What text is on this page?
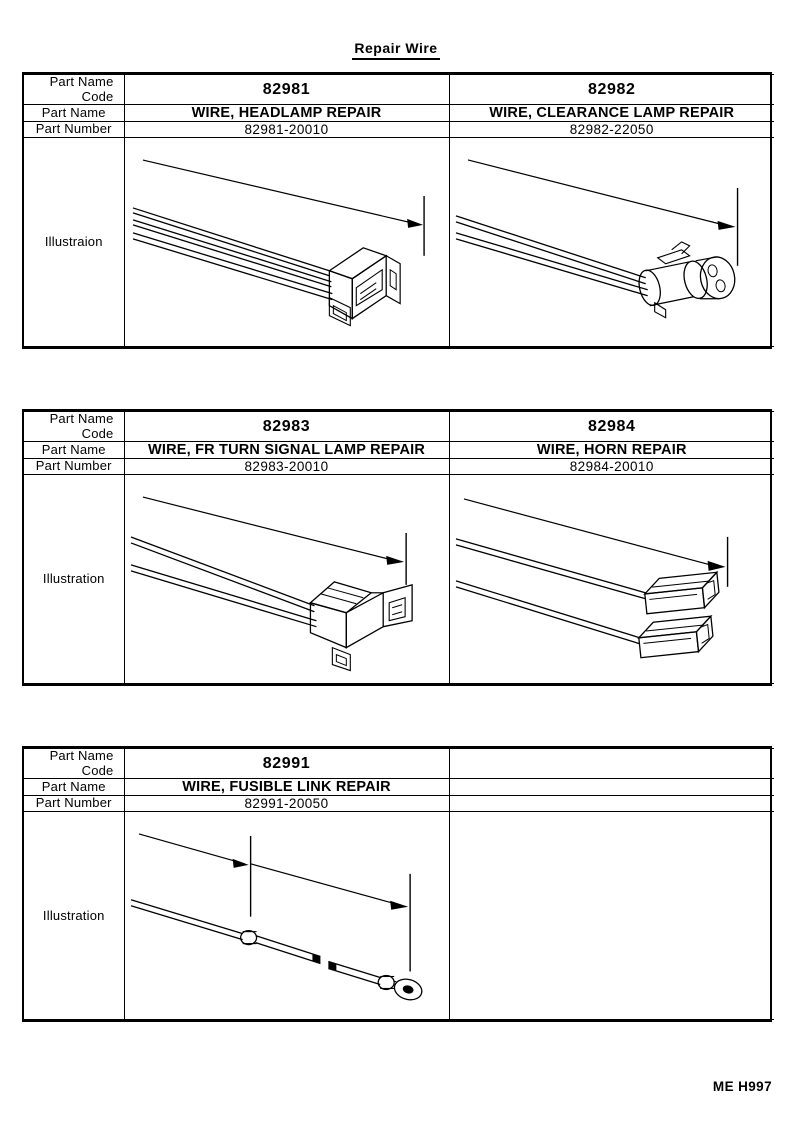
Repair Wire
Part Name
Code	82981	82982
Part Name	WIRE, HEADLAMP REPAIR	WIRE, CLEARANCE LAMP REPAIR
Part Number	82981-20010	82982-22050
Illustraion	

Part Name
Code	82983	82984
Part Name	WIRE, FR TURN SIGNAL LAMP REPAIR	WIRE, HORN REPAIR
Part Number	82983-20010	82984-20010
Illustration	

Part Name
Code	82991	
Part Name	WIRE, FUSIBLE LINK REPAIR	
Part Number	82991-20050	
Illustration	

ME H997
